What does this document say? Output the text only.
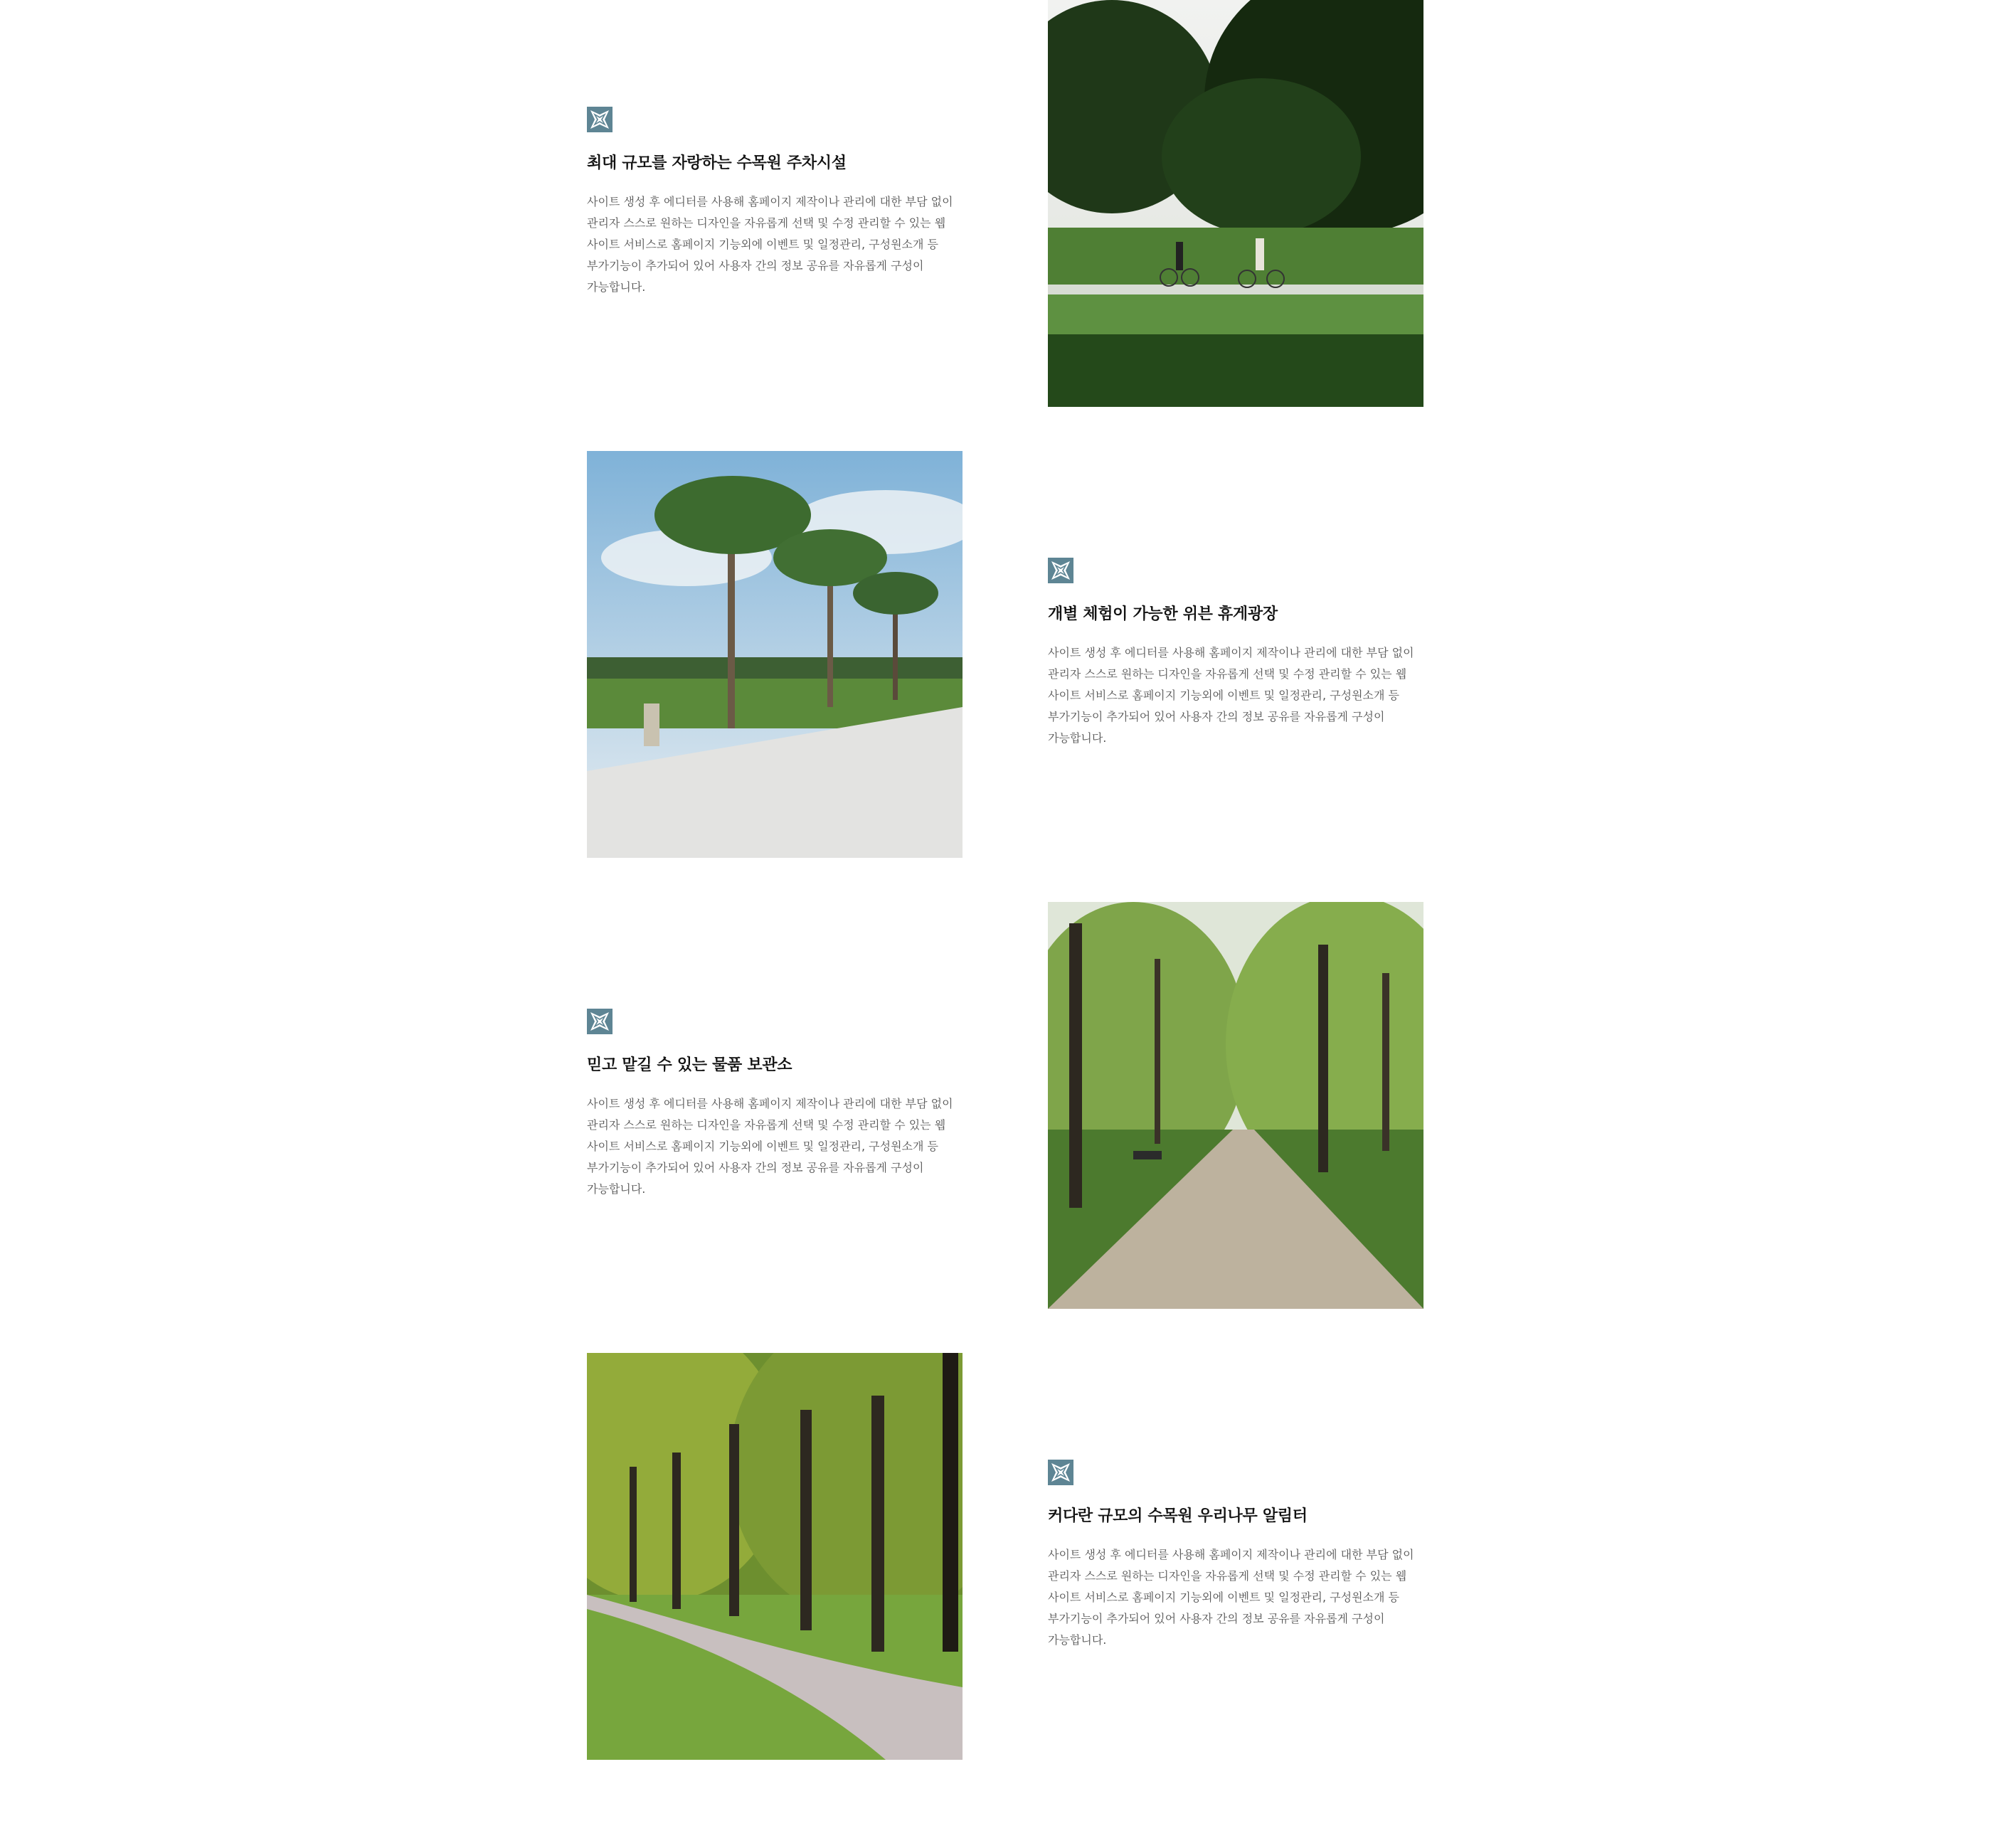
최대 규모를 자랑하는 수목원 주차시설
사이트 생성 후 에디터를 사용해 홈페이지 제작이나 관리에 대한 부담 없이
관리자 스스로 원하는 디자인을 자유롭게 선택 및 수정 관리할 수 있는 웹
사이트 서비스로 홈페이지 기능외에 이벤트 및 일정관리, 구성원소개 등
부가기능이 추가되어 있어 사용자 간의 정보 공유를 자유롭게 구성이
가능합니다.
개별 체험이 가능한 위븐 휴게광장
사이트 생성 후 에디터를 사용해 홈페이지 제작이나 관리에 대한 부담 없이
관리자 스스로 원하는 디자인을 자유롭게 선택 및 수정 관리할 수 있는 웹
사이트 서비스로 홈페이지 기능외에 이벤트 및 일정관리, 구성원소개 등
부가기능이 추가되어 있어 사용자 간의 정보 공유를 자유롭게 구성이
가능합니다.
믿고 맡길 수 있는 물품 보관소
사이트 생성 후 에디터를 사용해 홈페이지 제작이나 관리에 대한 부담 없이
관리자 스스로 원하는 디자인을 자유롭게 선택 및 수정 관리할 수 있는 웹
사이트 서비스로 홈페이지 기능외에 이벤트 및 일정관리, 구성원소개 등
부가기능이 추가되어 있어 사용자 간의 정보 공유를 자유롭게 구성이
가능합니다.
커다란 규모의 수목원 우리나무 알림터
사이트 생성 후 에디터를 사용해 홈페이지 제작이나 관리에 대한 부담 없이
관리자 스스로 원하는 디자인을 자유롭게 선택 및 수정 관리할 수 있는 웹
사이트 서비스로 홈페이지 기능외에 이벤트 및 일정관리, 구성원소개 등
부가기능이 추가되어 있어 사용자 간의 정보 공유를 자유롭게 구성이
가능합니다.
